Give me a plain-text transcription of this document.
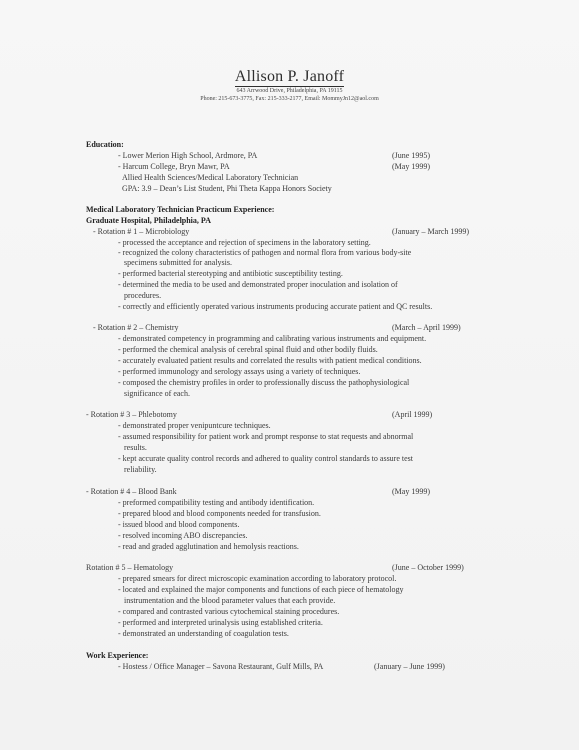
Allison P. Janoff
643 Arrwood Drive, Philadelphia, PA 19115
Phone: 215-673-3775, Fax: 215-333-2177, Email: MommyJn12@aol.com
Education:
- Lower Merion High School, Ardmore, PA	(June 1995)
- Harcum College, Bryn Mawr, PA	(May 1999)
Allied Health Sciences/Medical Laboratory Technician
GPA: 3.9 – Dean’s List Student, Phi Theta Kappa Honors Society
Medical Laboratory Technician Practicum Experience:
Graduate Hospital, Philadelphia, PA
- Rotation # 1 – Microbiology	(January – March 1999)
- processed the acceptance and rejection of specimens in the laboratory setting.
- recognized the colony characteristics of pathogen and normal flora from various body-site
specimens submitted for analysis.
- performed bacterial stereotyping and antibiotic susceptibility testing.
- determined the media to be used and demonstrated proper inoculation and isolation of
procedures.
- correctly and efficiently operated various instruments producing accurate patient and QC results.
- Rotation # 2 – Chemistry	(March – April 1999)
- demonstrated competency in programming and calibrating various instruments and equipment.
- performed the chemical analysis of cerebral spinal fluid and other bodily fluids.
- accurately evaluated patient results and correlated the results with patient medical conditions.
- performed immunology and serology assays using a variety of techniques.
- composed the chemistry profiles in order to professionally discuss the pathophysiological
significance of each.
- Rotation # 3 – Phlebotomy	(April 1999)
- demonstrated proper venipuntcure techniques.
- assumed responsibility for patient work and prompt response to stat requests and abnormal
results.
- kept accurate quality control records and adhered to quality control standards to assure test
reliability.
- Rotation # 4 – Blood Bank	(May 1999)
- preformed compatibility testing and antibody identification.
- prepared blood and blood components needed for transfusion.
- issued blood and blood components.
- resolved incoming ABO discrepancies.
- read and graded agglutination and hemolysis reactions.
Rotation # 5 – Hematology	(June – October 1999)
- prepared smears for direct microscopic examination according to laboratory protocol.
- located and explained the major components and functions of each piece of hematology
instrumentation and the blood parameter values that each provide.
- compared and contrasted various cytochemical staining procedures.
- performed and interpreted urinalysis using established criteria.
- demonstrated an understanding of coagulation tests.
Work Experience:
- Hostess / Office Manager – Savona Restaurant, Gulf Mills, PA	(January – June 1999)
